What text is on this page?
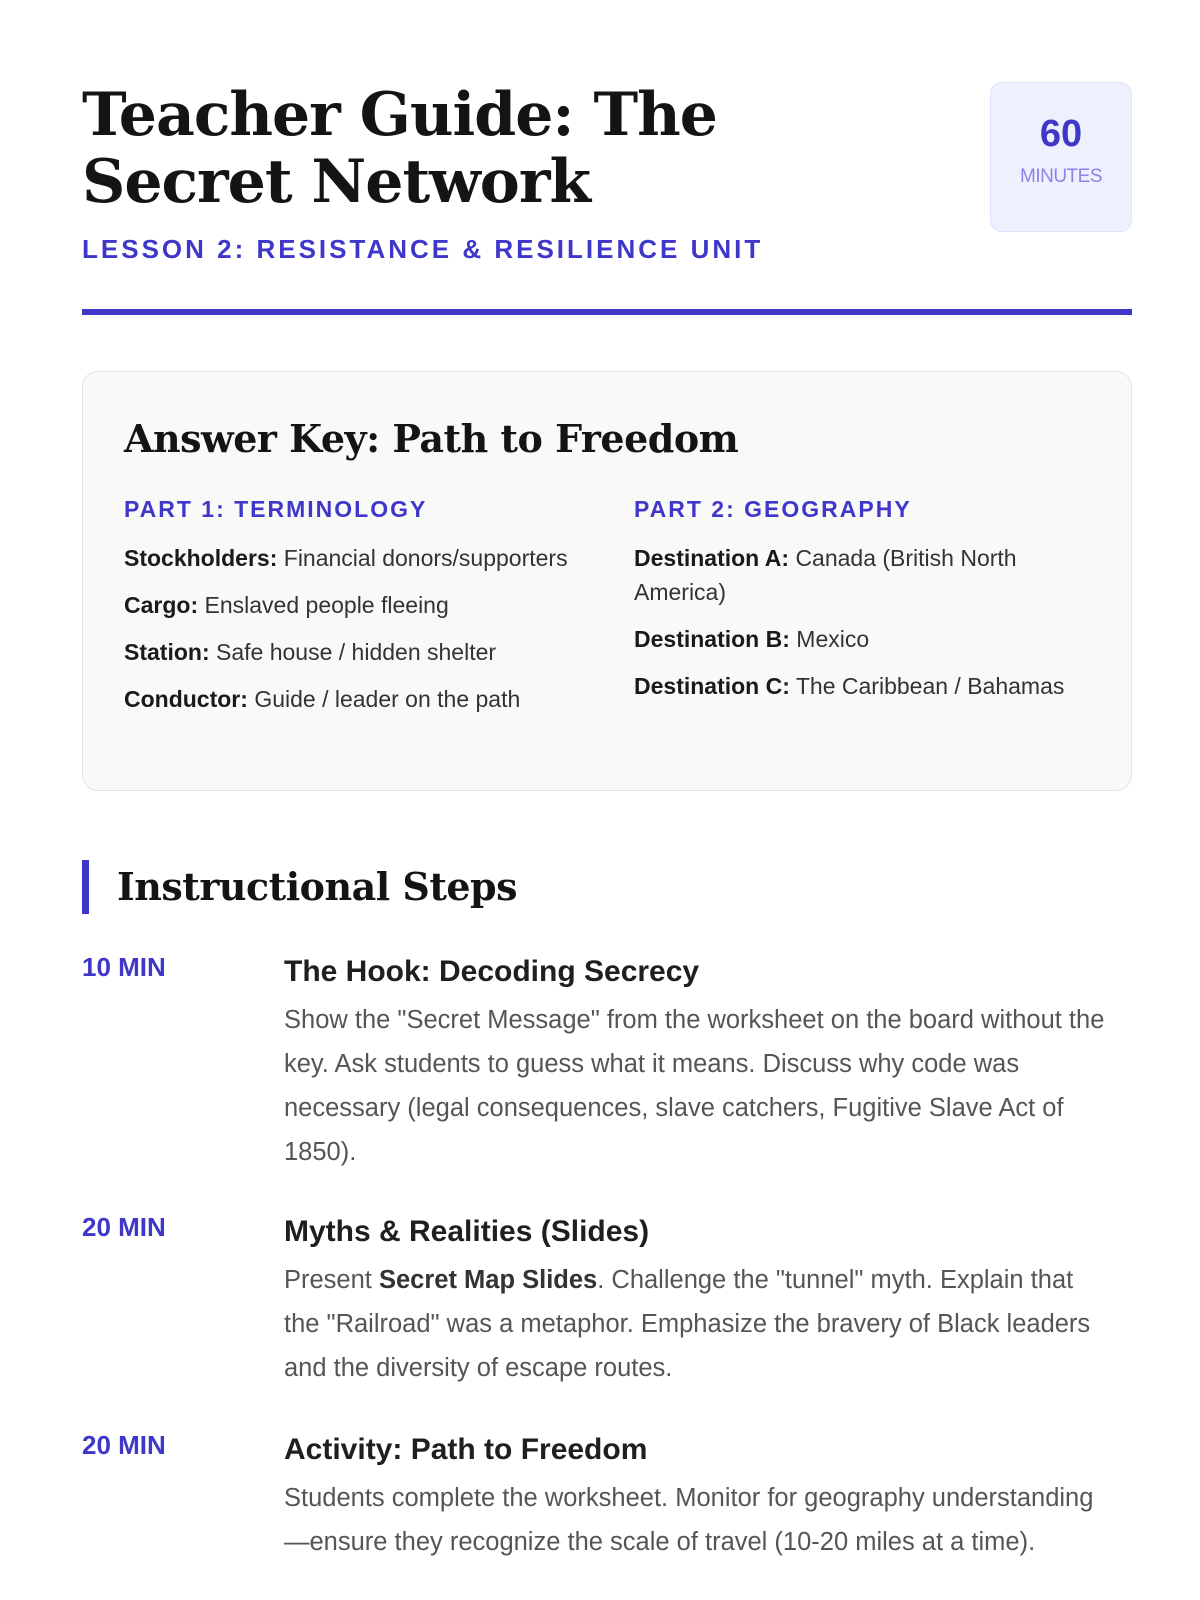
Teacher Guide: The Secret Network
LESSON 2: RESISTANCE & RESILIENCE UNIT
60
MINUTES
Answer Key: Path to Freedom
PART 1: TERMINOLOGY
Stockholders: Financial donors/supporters
Cargo: Enslaved people fleeing
Station: Safe house / hidden shelter
Conductor: Guide / leader on the path
PART 2: GEOGRAPHY
Destination A: Canada (British North America)
Destination B: Mexico
Destination C: The Caribbean / Bahamas
Instructional Steps
10 MIN	The Hook: Decoding Secrecy
Show the "Secret Message" from the worksheet on the board without the key. Ask students to guess what it means. Discuss why code was necessary (legal consequences, slave catchers, Fugitive Slave Act of 1850).
20 MIN	Myths & Realities (Slides)
Present Secret Map Slides. Challenge the "tunnel" myth. Explain that the "Railroad" was a metaphor. Emphasize the bravery of Black leaders and the diversity of escape routes.
20 MIN	Activity: Path to Freedom
Students complete the worksheet. Monitor for geography understanding—ensure they recognize the scale of travel (10-20 miles at a time).
